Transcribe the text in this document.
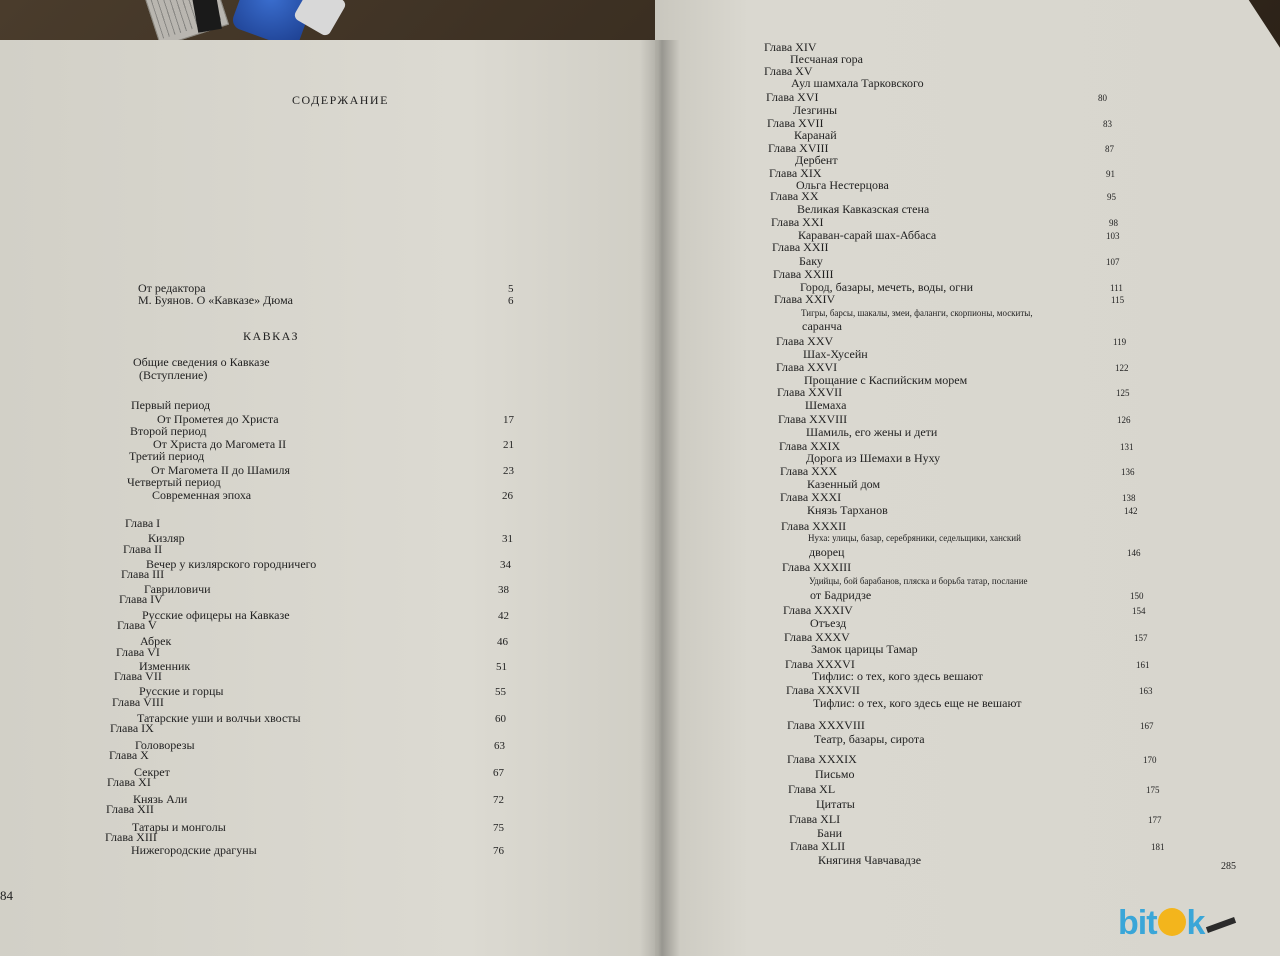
СОДЕРЖАНИЕ
84
От редактора	5
М. Буянов. О «Кавказе» Дюма	6
КАВКАЗ
Общие сведения о Кавказе
(Вступление)
Первый период
От Прометея до Христа	17
Второй период
От Христа до Магомета II	21
Третий период
От Магомета II до Шамиля	23
Четвертый период
Современная эпоха	26
Глава I
Кизляр	31
Глава II
Вечер у кизлярского городничего	34
Глава III
Гавриловичи	38
Глава IV
Русские офицеры на Кавказе	42
Глава V
Абрек	46
Глава VI
Изменник	51
Глава VII
Русские и горцы	55
Глава VIII
Татарские уши и волчьи хвосты	60
Глава IX
Головорезы	63
Глава X
Секрет	67
Глава XI
Князь Али	72
Глава XII
Татары и монголы	75
Глава XIII
Нижегородские драгуны	76
285
Глава XIV
Песчаная гора
Глава XV
Аул шамхала Тарковского
Глава XVI	80
Лезгины
Глава XVII	83
Каранай
Глава XVIII	87
Дербент
Глава XIX	91
Ольга Нестерцова
Глава XX	95
Великая Кавказская стена
Глава XXI	98
Караван-сарай шах-Аббаса	103
Глава XXII
Баку	107
Глава XXIII
Город, базары, мечеть, воды, огни	111
Глава XXIV	115
Тигры, барсы, шакалы, змеи, фаланги, скорпионы, москиты,
саранча
Глава XXV	119
Шах-Хусейн
Глава XXVI	122
Прощание с Каспийским морем
Глава XXVII	125
Шемаха
Глава XXVIII	126
Шамиль, его жены и дети
Глава XXIX	131
Дорога из Шемахи в Нуху
Глава XXX	136
Казенный дом
Глава XXXI	138
Князь Тарханов	142
Глава XXXII
Нуха: улицы, базар, серебряники, седельщики, ханский
дворец	146
Глава XXXIII
Удийцы, бой барабанов, пляска и борьба татар, послание
от Бадридзе	150
Глава XXXIV	154
Отъезд
Глава XXXV	157
Замок царицы Тамар
Глава XXXVI	161
Тифлис: о тех, кого здесь вешают
Глава XXXVII	163
Тифлис: о тех, кого здесь еще не вешают
Глава XXXVIII	167
Театр, базары, сирота
Глава XXXIX	170
Письмо
Глава XL	175
Цитаты
Глава XLI	177
Бани
Глава XLII	181
Княгиня Чавчавадзе
bit k
